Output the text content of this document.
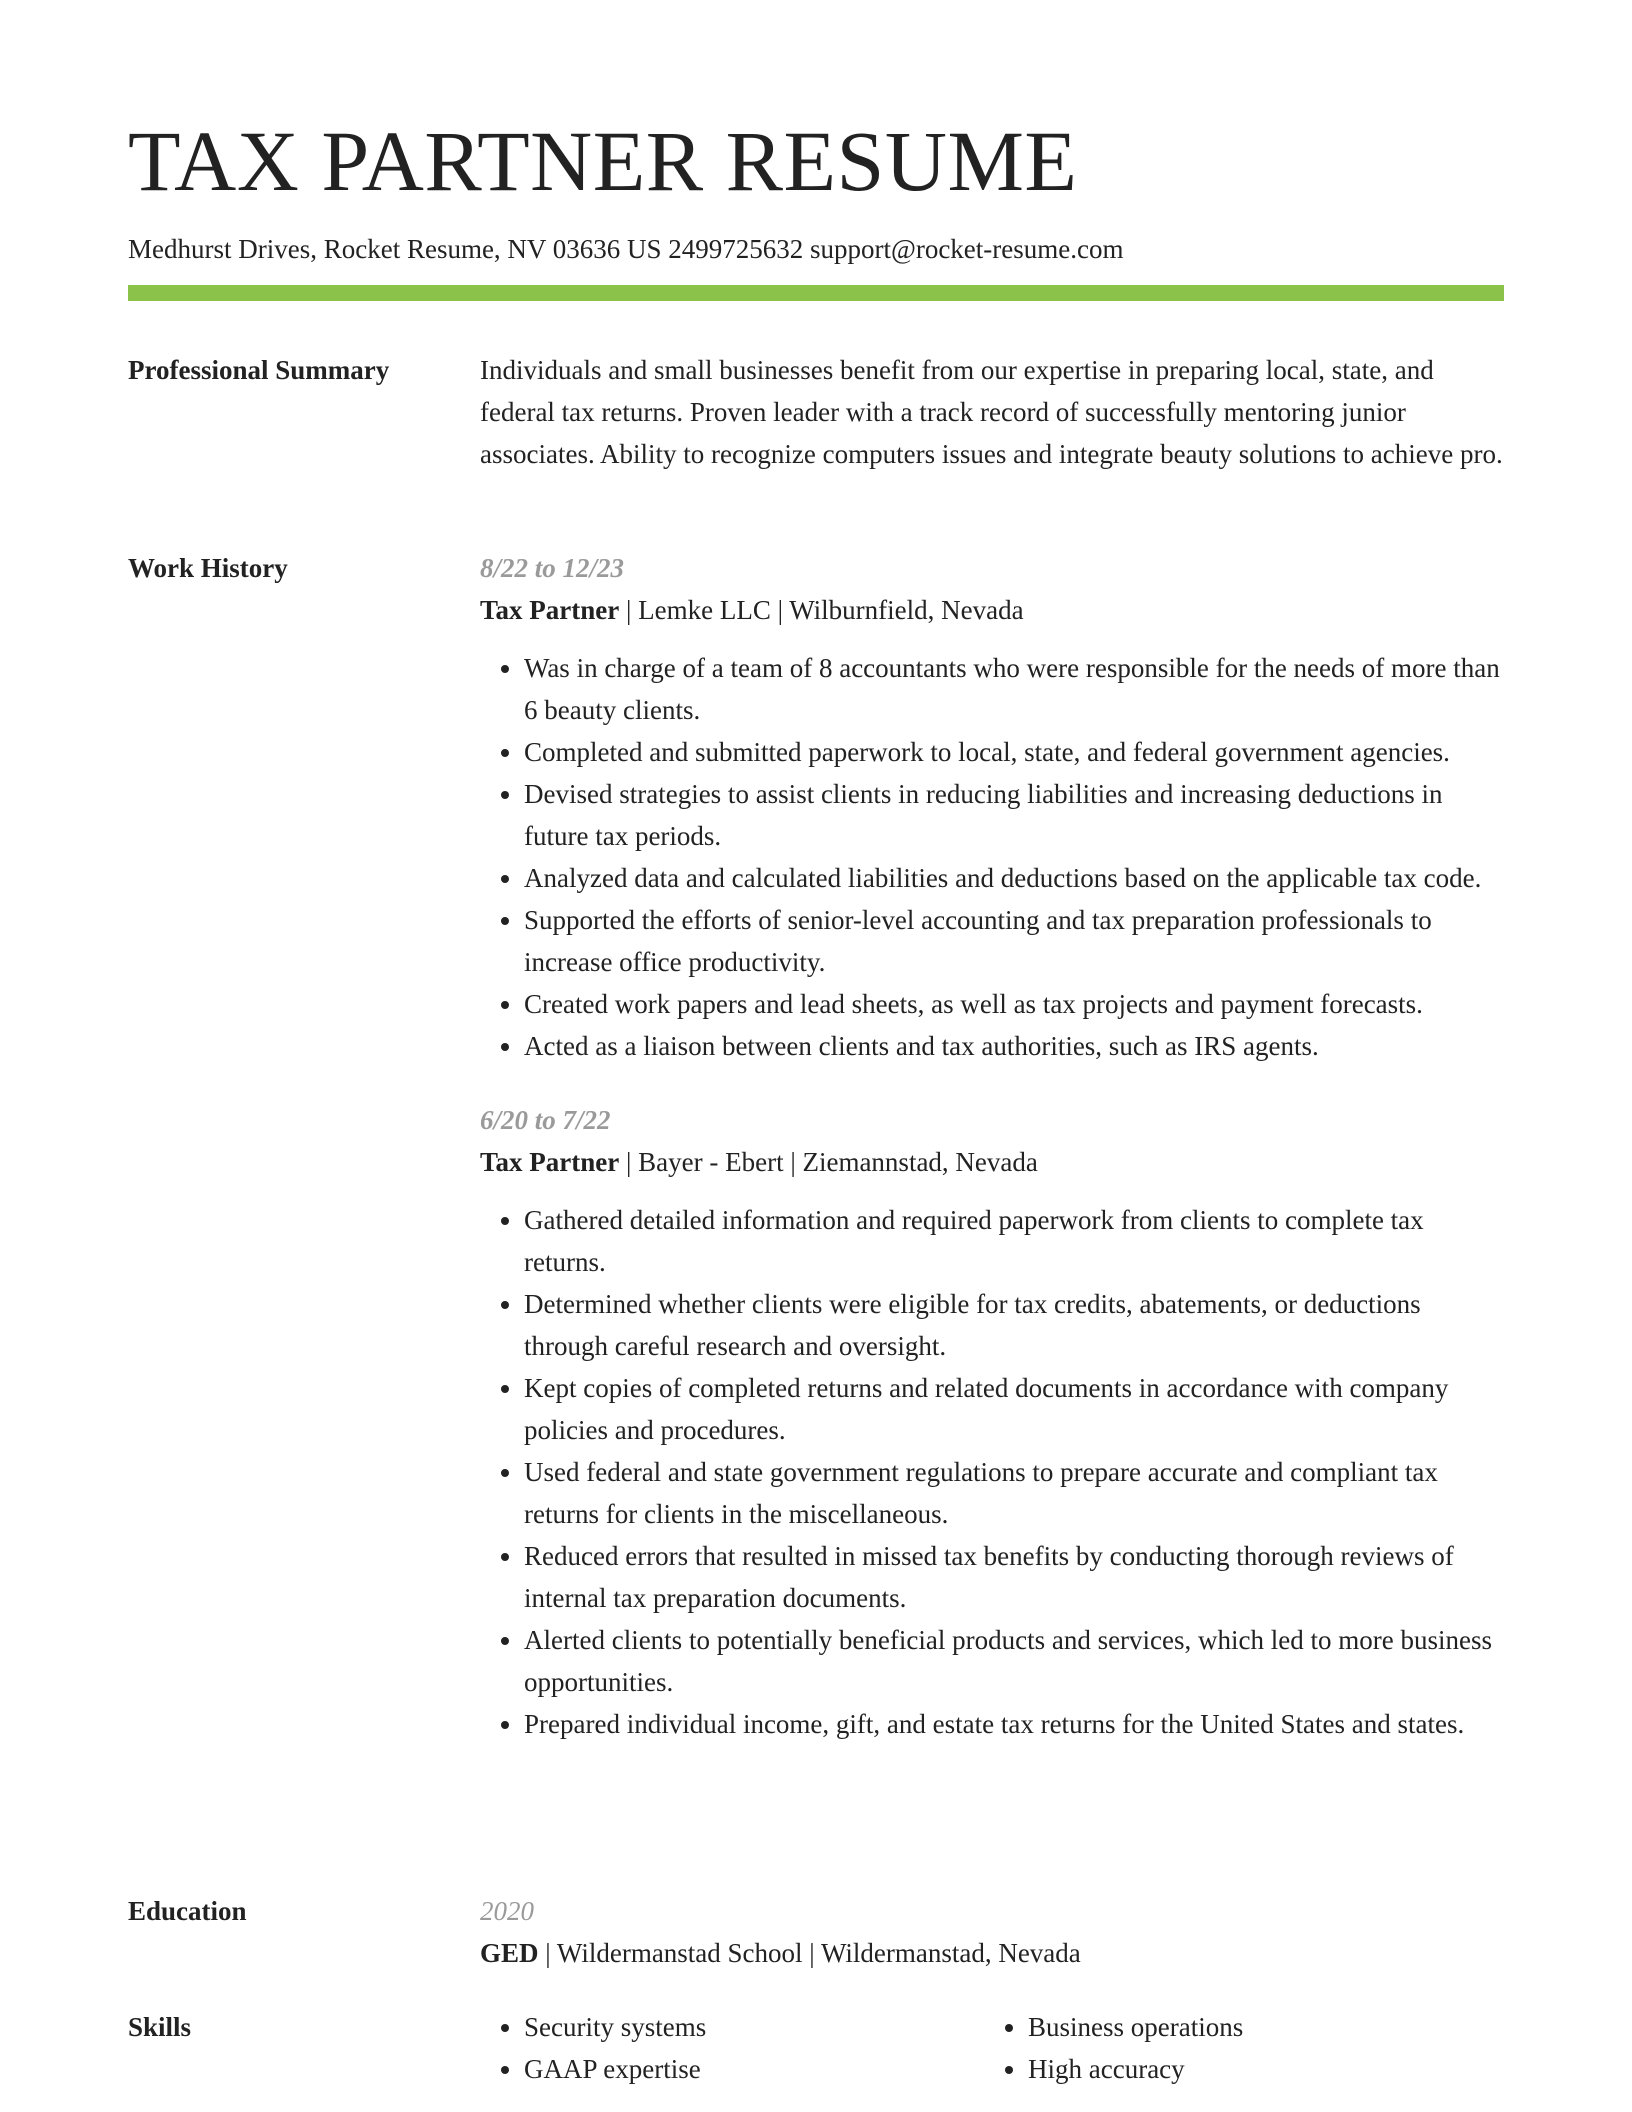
TAX PARTNER RESUME
Medhurst Drives, Rocket Resume, NV 03636 US 2499725632 support@rocket-resume.com
Professional Summary	Individuals and small businesses benefit from our expertise in preparing local, state, and federal tax returns. Proven leader with a track record of successfully mentoring junior associates. Ability to recognize computers issues and integrate beauty solutions to achieve pro.

Work History	8/22 to 12/23
Tax Partner | Lemke LLC | Wilburnfield, Nevada
• Was in charge of a team of 8 accountants who were responsible for the needs of more than 6 beauty clients.
• Completed and submitted paperwork to local, state, and federal government agencies.
• Devised strategies to assist clients in reducing liabilities and increasing deductions in future tax periods.
• Analyzed data and calculated liabilities and deductions based on the applicable tax code.
• Supported the efforts of senior-level accounting and tax preparation professionals to increase office productivity.
• Created work papers and lead sheets, as well as tax projects and payment forecasts.
• Acted as a liaison between clients and tax authorities, such as IRS agents.
6/20 to 7/22
Tax Partner | Bayer - Ebert | Ziemannstad, Nevada
• Gathered detailed information and required paperwork from clients to complete tax returns.
• Determined whether clients were eligible for tax credits, abatements, or deductions through careful research and oversight.
• Kept copies of completed returns and related documents in accordance with company policies and procedures.
• Used federal and state government regulations to prepare accurate and compliant tax returns for clients in the miscellaneous.
• Reduced errors that resulted in missed tax benefits by conducting thorough reviews of internal tax preparation documents.
• Alerted clients to potentially beneficial products and services, which led to more business opportunities.
• Prepared individual income, gift, and estate tax returns for the United States and states.
Education	2020
GED | Wildermanstad School | Wildermanstad, Nevada
Skills
•	Security systems
• GAAP expertise
• Business operations
• High accuracy
